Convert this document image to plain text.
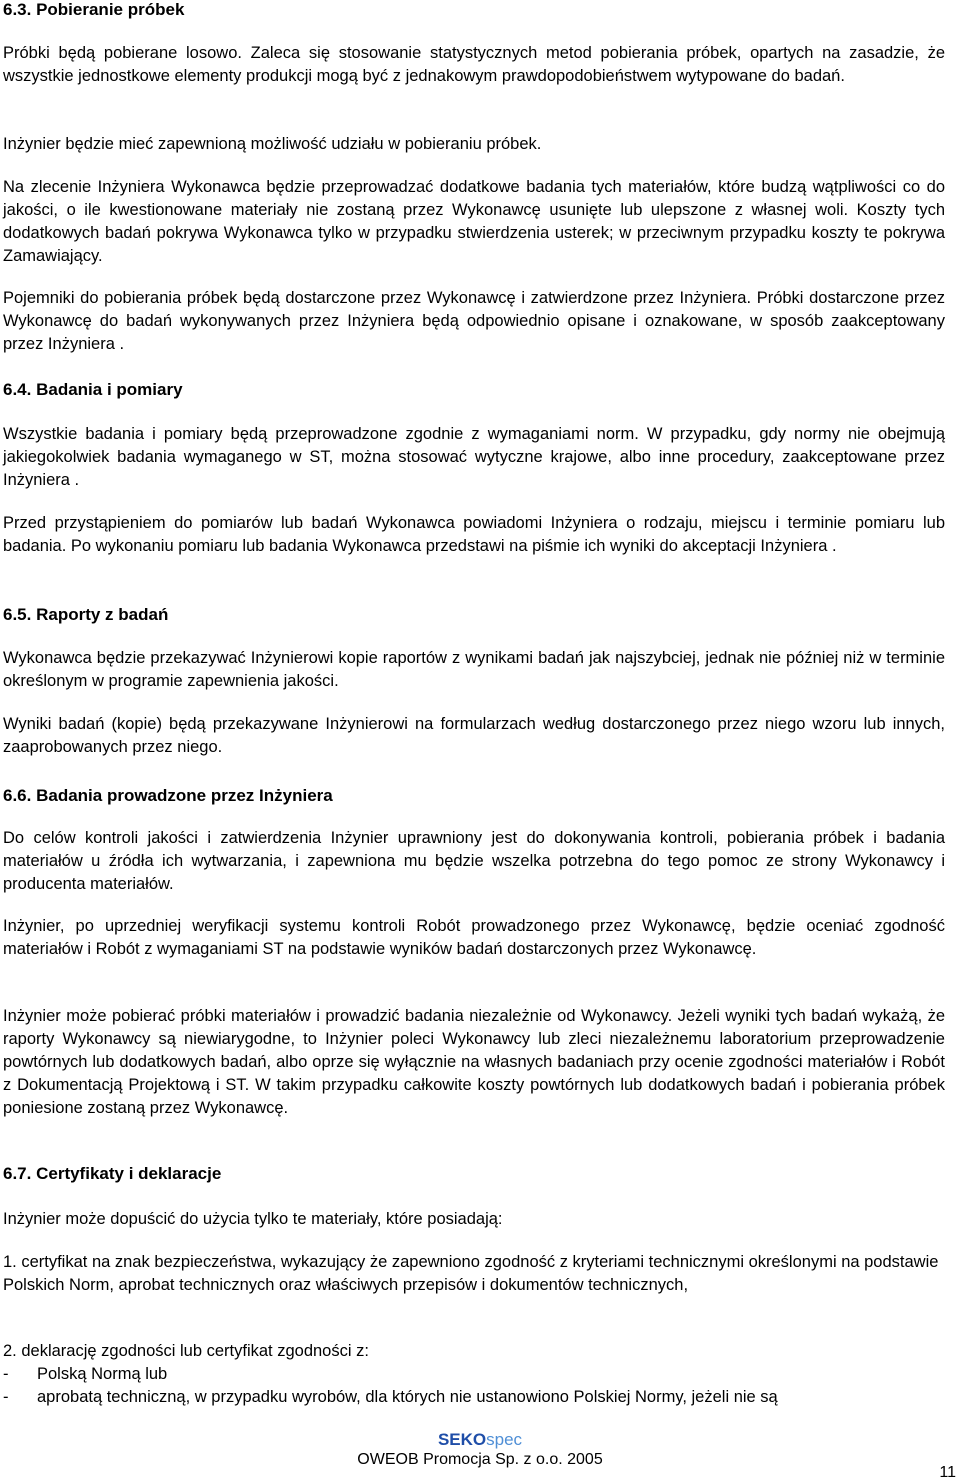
6.3. Pobieranie próbek

Próbki będą pobierane losowo. Zaleca się stosowanie statystycznych metod pobierania próbek, opartych na zasadzie, że wszystkie jednostkowe elementy produkcji mogą być z jednakowym prawdopodobieństwem wytypowane do badań.

Inżynier będzie mieć zapewnioną możliwość udziału w pobieraniu próbek.

Na zlecenie Inżyniera Wykonawca będzie przeprowadzać dodatkowe badania tych materiałów, które budzą wątpliwości co do jakości, o ile kwestionowane materiały nie zostaną przez Wykonawcę usunięte lub ulepszone z własnej woli. Koszty tych dodatkowych badań pokrywa Wykonawca tylko w przypadku stwierdzenia usterek; w przeciwnym przypadku koszty te pokrywa Zamawiający.

Pojemniki do pobierania próbek będą dostarczone przez Wykonawcę i zatwierdzone przez Inżyniera. Próbki dostarczone przez Wykonawcę do badań wykonywanych przez Inżyniera będą odpowiednio opisane i oznakowane, w sposób zaakceptowany przez Inżyniera .

6.4. Badania i pomiary

Wszystkie badania i pomiary będą przeprowadzone zgodnie z wymaganiami norm. W przypadku, gdy normy nie obejmują jakiegokolwiek badania wymaganego w ST, można stosować wytyczne krajowe, albo inne procedury, zaakceptowane przez Inżyniera .

Przed przystąpieniem do pomiarów lub badań Wykonawca powiadomi Inżyniera o rodzaju, miejscu i terminie pomiaru lub badania. Po wykonaniu pomiaru lub badania Wykonawca przedstawi na piśmie ich wyniki do akceptacji Inżyniera .

6.5. Raporty z badań

Wykonawca będzie przekazywać Inżynierowi kopie raportów z wynikami badań jak najszybciej, jednak nie później niż w terminie określonym w programie zapewnienia jakości.

Wyniki badań (kopie) będą przekazywane Inżynierowi na formularzach według dostarczonego przez niego wzoru lub innych, zaaprobowanych przez niego.

6.6. Badania prowadzone przez Inżyniera

Do celów kontroli jakości i zatwierdzenia Inżynier uprawniony jest do dokonywania kontroli, pobierania próbek i badania materiałów u źródła ich wytwarzania, i zapewniona mu będzie wszelka potrzebna do tego pomoc ze strony Wykonawcy i producenta materiałów.

Inżynier, po uprzedniej weryfikacji systemu kontroli Robót prowadzonego przez Wykonawcę, będzie oceniać zgodność materiałów i Robót z wymaganiami ST na podstawie wyników badań dostarczonych przez Wykonawcę.

Inżynier może pobierać próbki materiałów i prowadzić badania niezależnie od Wykonawcy. Jeżeli wyniki tych badań wykażą, że raporty Wykonawcy są niewiarygodne, to Inżynier poleci Wykonawcy lub zleci niezależnemu laboratorium przeprowadzenie powtórnych lub dodatkowych badań, albo oprze się wyłącznie na własnych badaniach przy ocenie zgodności materiałów i Robót z Dokumentacją Projektową i ST. W takim przypadku całkowite koszty powtórnych lub dodatkowych badań i pobierania próbek poniesione zostaną przez Wykonawcę.

6.7. Certyfikaty i deklaracje

Inżynier może dopuścić do użycia tylko te materiały, które posiadają:

1. certyfikat na znak bezpieczeństwa, wykazujący że zapewniono zgodność z kryteriami technicznymi określonymi na podstawie Polskich Norm, aprobat technicznych oraz właściwych przepisów i dokumentów technicznych,

2. deklarację zgodności lub certyfikat zgodności z:

-	Polską Normą lub
-	aprobatą techniczną, w przypadku wyrobów, dla których nie ustanowiono Polskiej Normy, jeżeli nie są
SEKOspec
OWEOB Promocja Sp. z o.o. 2005
11
